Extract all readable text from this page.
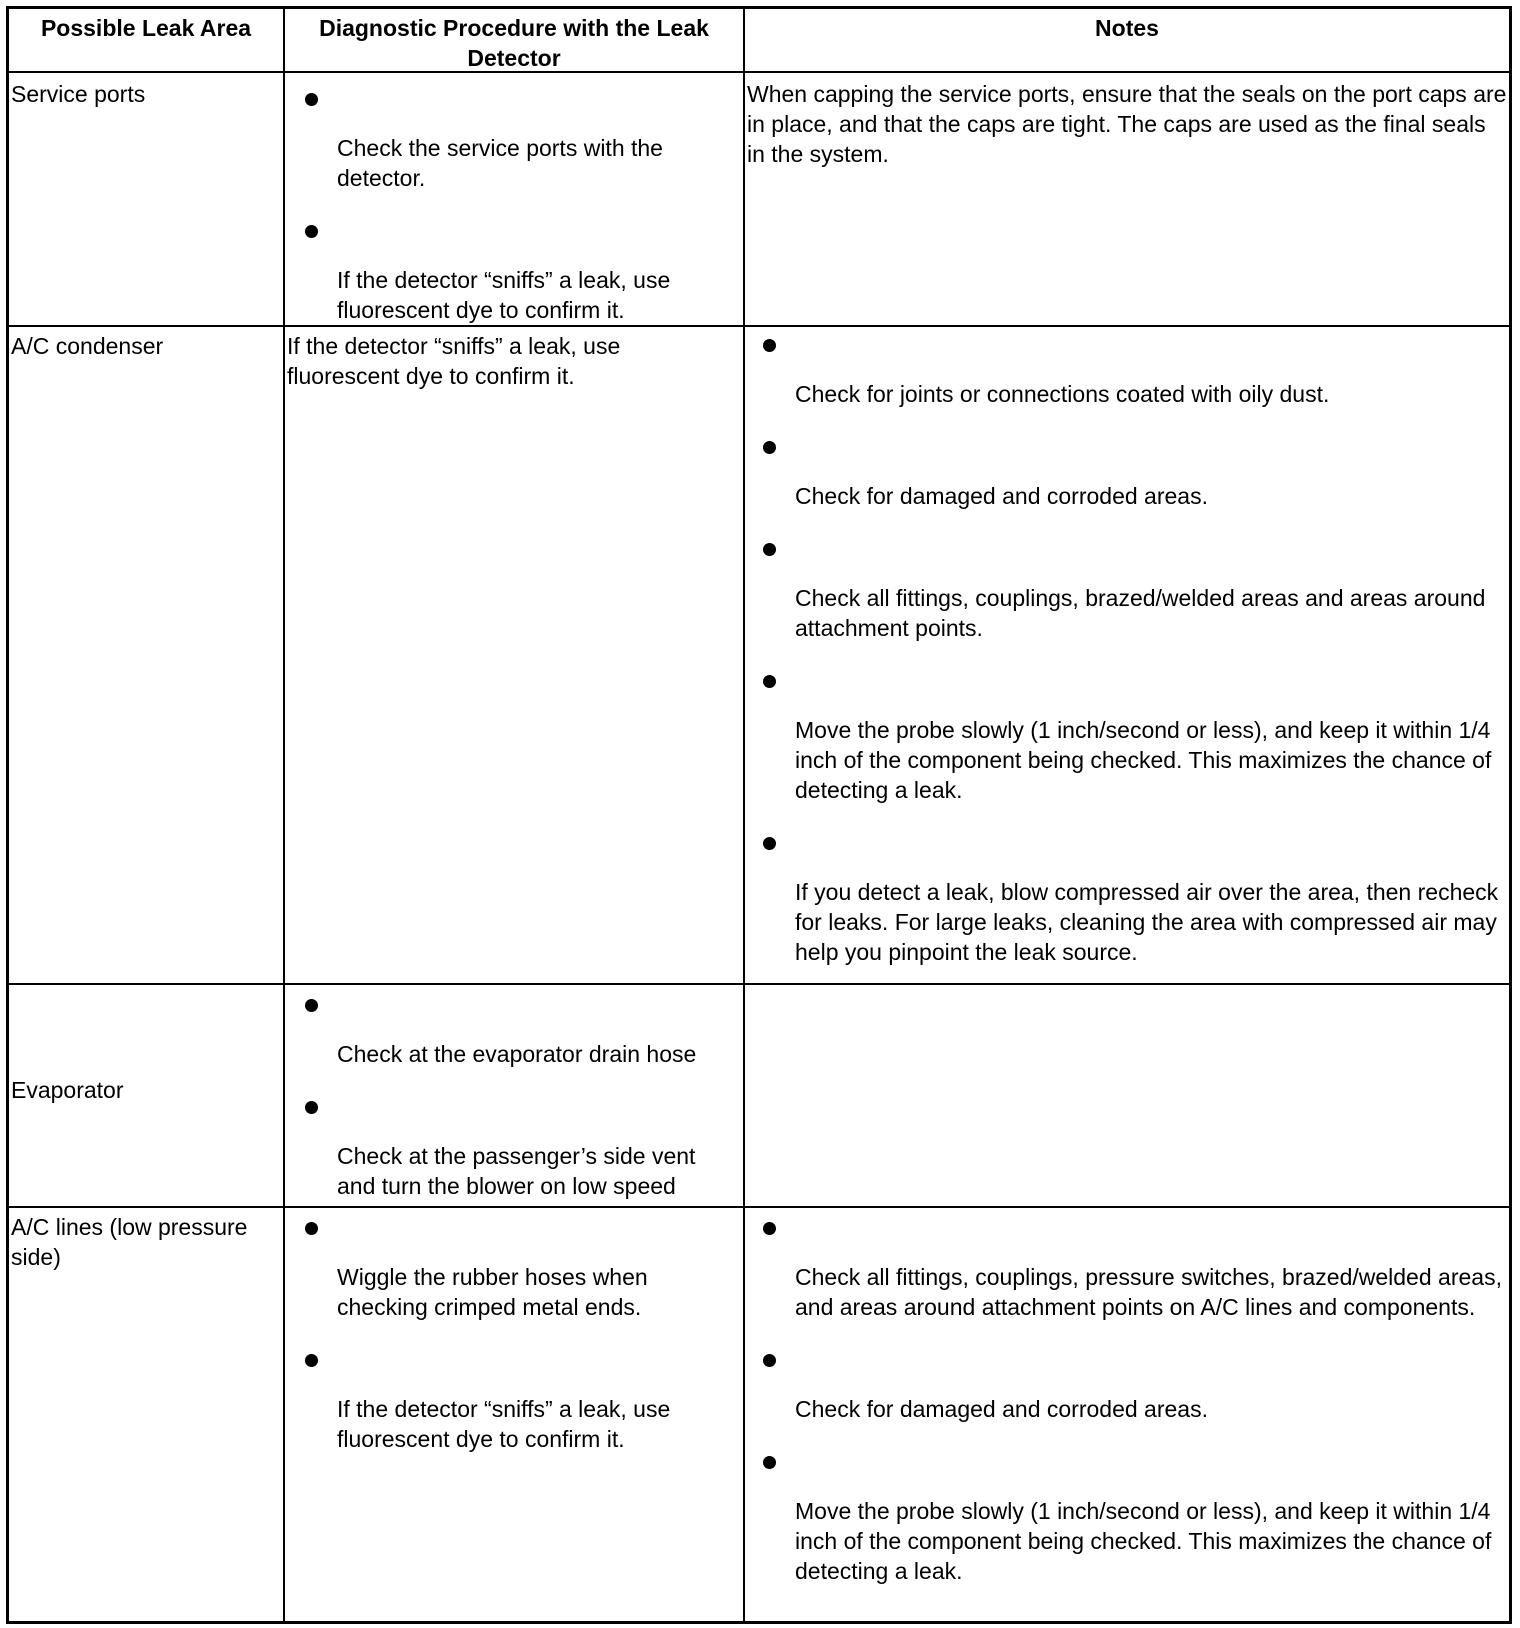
Possible Leak Area	Diagnostic Procedure with the Leak Detector
Notes
Service ports
Check the service ports with the detector.
If the detector “sniffs” a leak, use fluorescent dye to confirm it.
When capping the service ports, ensure that the seals on the port caps are in place, and that the caps are tight. The caps are used as the final seals in the system.
A/C condenser	If the detector “sniffs” a leak, use fluorescent dye to confirm it.
Check for joints or connections coated with oily dust.
Check for damaged and corroded areas.
Check all fittings, couplings, brazed/welded areas and areas around attachment points.
Move the probe slowly (1 inch/second or less), and keep it within 1/4 inch of the component being checked. This maximizes the chance of detecting a leak.
If you detect a leak, blow compressed air over the area, then recheck for leaks. For large leaks, cleaning the area with compressed air may help you pinpoint the leak source.
Evaporator
Check at the evaporator drain hose
Check at the passenger’s side vent and turn the blower on low speed
A/C lines (low pressure side)
Wiggle the rubber hoses when checking crimped metal ends.
If the detector “sniffs” a leak, use fluorescent dye to confirm it.
Check all fittings, couplings, pressure switches, brazed/welded areas, and areas around attachment points on A/C lines and components.
Check for damaged and corroded areas.
Move the probe slowly (1 inch/second or less), and keep it within 1/4 inch of the component being checked. This maximizes the chance of detecting a leak.
